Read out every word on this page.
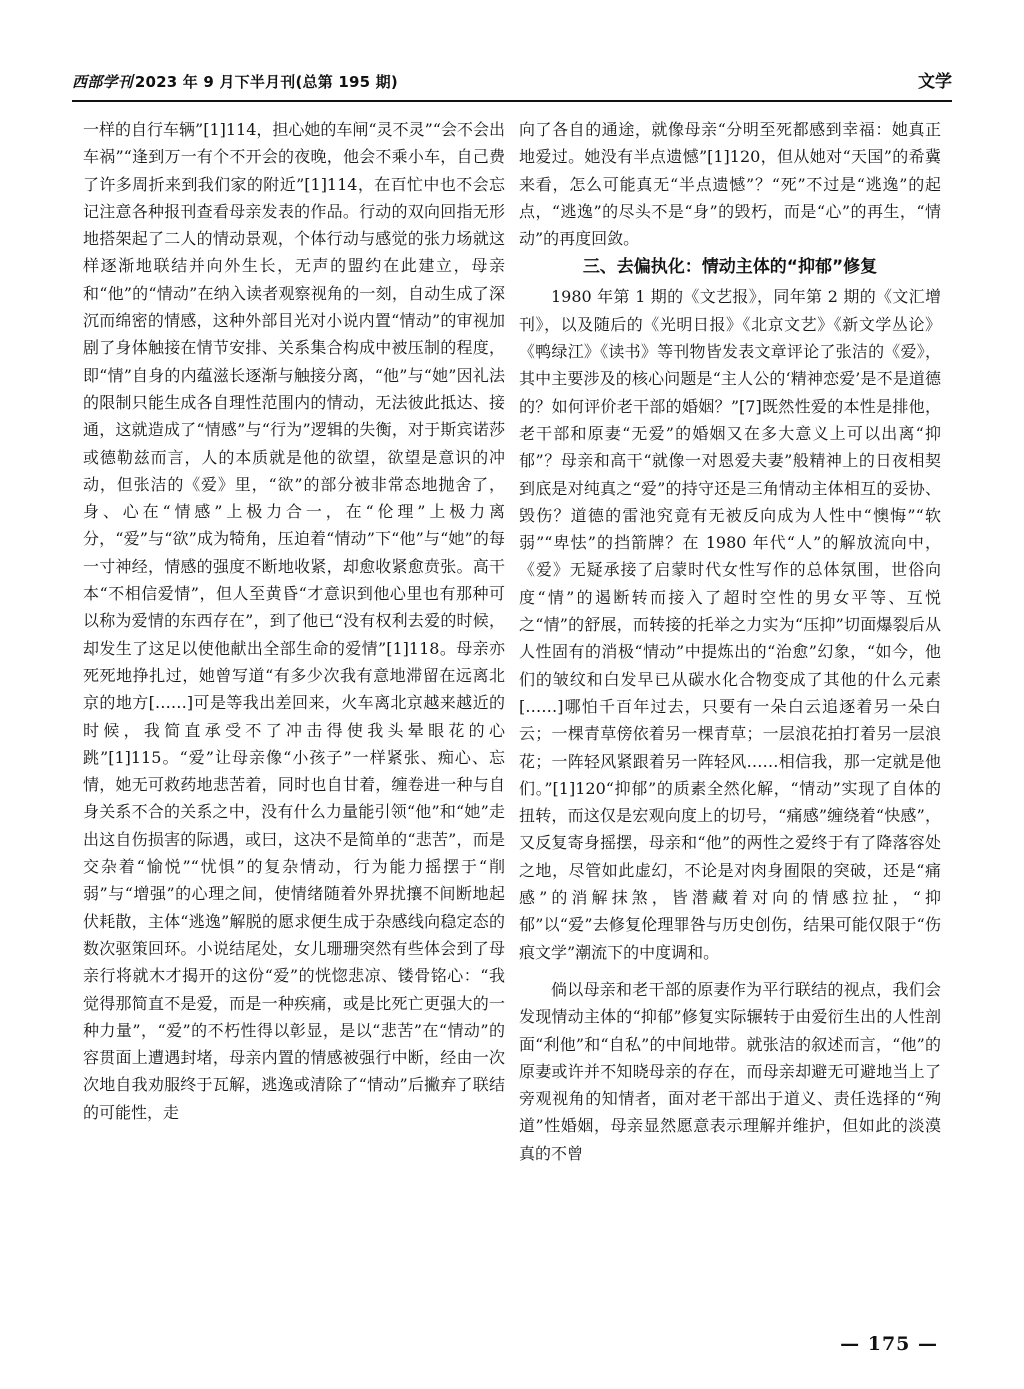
西部学刊 2023 年 9 月下半月刊(总第 195 期)	文学

一样的自行车辆”[1]114，担心她的车闸“灵不灵”“会不会出车祸”“逢到万一有个不开会的夜晚，他会不乘小车，自己费了许多周折来到我们家的附近”[1]114，在百忙中也不会忘记注意各种报刊查看母亲发表的作品。行动的双向回指无形地搭架起了二人的情动景观，个体行动与感觉的张力场就这样逐渐地联结并向外生长，无声的盟约在此建立，母亲和“他”的“情动”在纳入读者观察视角的一刻，自动生成了深沉而绵密的情感，这种外部目光对小说内置“情动”的审视加剧了身体触接在情节安排、关系集合构成中被压制的程度，即“情”自身的内蕴滋长逐渐与触接分离，“他”与“她”因礼法的限制只能生成各自理性范围内的情动，无法彼此抵达、接通，这就造成了“情感”与“行为”逻辑的失衡，对于斯宾诺莎或德勒兹而言，人的本质就是他的欲望，欲望是意识的冲动，但张洁的《爱》里，“欲”的部分被非常态地抛舍了，身、心在“情感”上极力合一，在“伦理”上极力离分，“爱”与“欲”成为犄角，压迫着“情动”下“他”与“她”的每一寸神经，情感的强度不断地收紧，却愈收紧愈贲张。高干本“不相信爱情”，但人至黄昏“才意识到他心里也有那种可以称为爱情的东西存在”，到了他已“没有权利去爱的时候，却发生了这足以使他献出全部生命的爱情”[1]118。母亲亦死死地挣扎过，她曾写道“有多少次我有意地滞留在远离北京的地方[……]可是等我出差回来，火车离北京越来越近的时候，我简直承受不了冲击得使我头晕眼花的心跳”[1]115。“爱”让母亲像“小孩子”一样紧张、痴心、忘情，她无可救药地悲苦着，同时也自甘着，缠卷进一种与自身关系不合的关系之中，没有什么力量能引领“他”和“她”走出这自伤损害的际遇，或曰，这决不是简单的“悲苦”，而是交杂着“愉悦”“忧惧”的复杂情动，行为能力摇摆于“削弱”与“增强”的心理之间，使情绪随着外界扰攘不间断地起伏耗散，主体“逃逸”解脱的愿求便生成于杂感线向稳定态的数次驱策回环。小说结尾处，女儿珊珊突然有些体会到了母亲行将就木才揭开的这份“爱”的恍惚悲凉、镂骨铭心：“我觉得那简直不是爱，而是一种疾痛，或是比死亡更强大的一种力量”，“爱”的不朽性得以彰显，是以“悲苦”在“情动”的容贯面上遭遇封堵，母亲内置的情感被强行中断，经由一次次地自我劝服终于瓦解，逃逸或清除了“情动”后撇弃了联结的可能性，走

向了各自的通途，就像母亲“分明至死都感到幸福：她真正地爱过。她没有半点遗憾”[1]120，但从她对“天国”的希冀来看，怎么可能真无“半点遗憾”？“死”不过是“逃逸”的起点，“逃逸”的尽头不是“身”的毁朽，而是“心”的再生，“情动”的再度回敛。

三、去偏执化：情动主体的“抑郁”修复

1980 年第 1 期的《文艺报》，同年第 2 期的《文汇增刊》，以及随后的《光明日报》《北京文艺》《新文学丛论》《鸭绿江》《读书》等刊物皆发表文章评论了张洁的《爱》，其中主要涉及的核心问题是“主人公的‘精神恋爱’是不是道德的？如何评价老干部的婚姻？”[7]既然性爱的本性是排他，老干部和原妻“无爱”的婚姻又在多大意义上可以出离“抑郁”？母亲和高干“就像一对恩爱夫妻”般精神上的日夜相契到底是对纯真之“爱”的持守还是三角情动主体相互的妥协、毁伤？道德的雷池究竟有无被反向成为人性中“懊悔”“软弱”“卑怯”的挡箭牌？在 1980 年代“人”的解放流向中，《爱》无疑承接了启蒙时代女性写作的总体氛围，世俗向度“情”的遏断转而接入了超时空性的男女平等、互悦之“情”的舒展，而转接的托举之力实为“压抑”切面爆裂后从人性固有的消极“情动”中提炼出的“治愈”幻象，“如今，他们的皱纹和白发早已从碳水化合物变成了其他的什么元素[……]哪怕千百年过去，只要有一朵白云追逐着另一朵白云；一棵青草傍依着另一棵青草；一层浪花拍打着另一层浪花；一阵轻风紧跟着另一阵轻风……相信我，那一定就是他们。”[1]120“抑郁”的质素全然化解，“情动”实现了自体的扭转，而这仅是宏观向度上的切号，“痛感”缠绕着“快感”，又反复寄身摇摆，母亲和“他”的两性之爱终于有了降落容处之地，尽管如此虚幻，不论是对肉身囿限的突破，还是“痛感”的消解抹煞，皆潜藏着对向的情感拉扯，“抑郁”以“爱”去修复伦理罪咎与历史创伤，结果可能仅限于“伤痕文学”潮流下的中度调和。

倘以母亲和老干部的原妻作为平行联结的视点，我们会发现情动主体的“抑郁”修复实际辗转于由爱衍生出的人性剖面“利他”和“自私”的中间地带。就张洁的叙述而言，“他”的原妻或许并不知晓母亲的存在，而母亲却避无可避地当上了旁观视角的知情者，面对老干部出于道义、责任选择的“殉道”性婚姻，母亲显然愿意表示理解并维护，但如此的淡漠真的不曾

— 175 —
